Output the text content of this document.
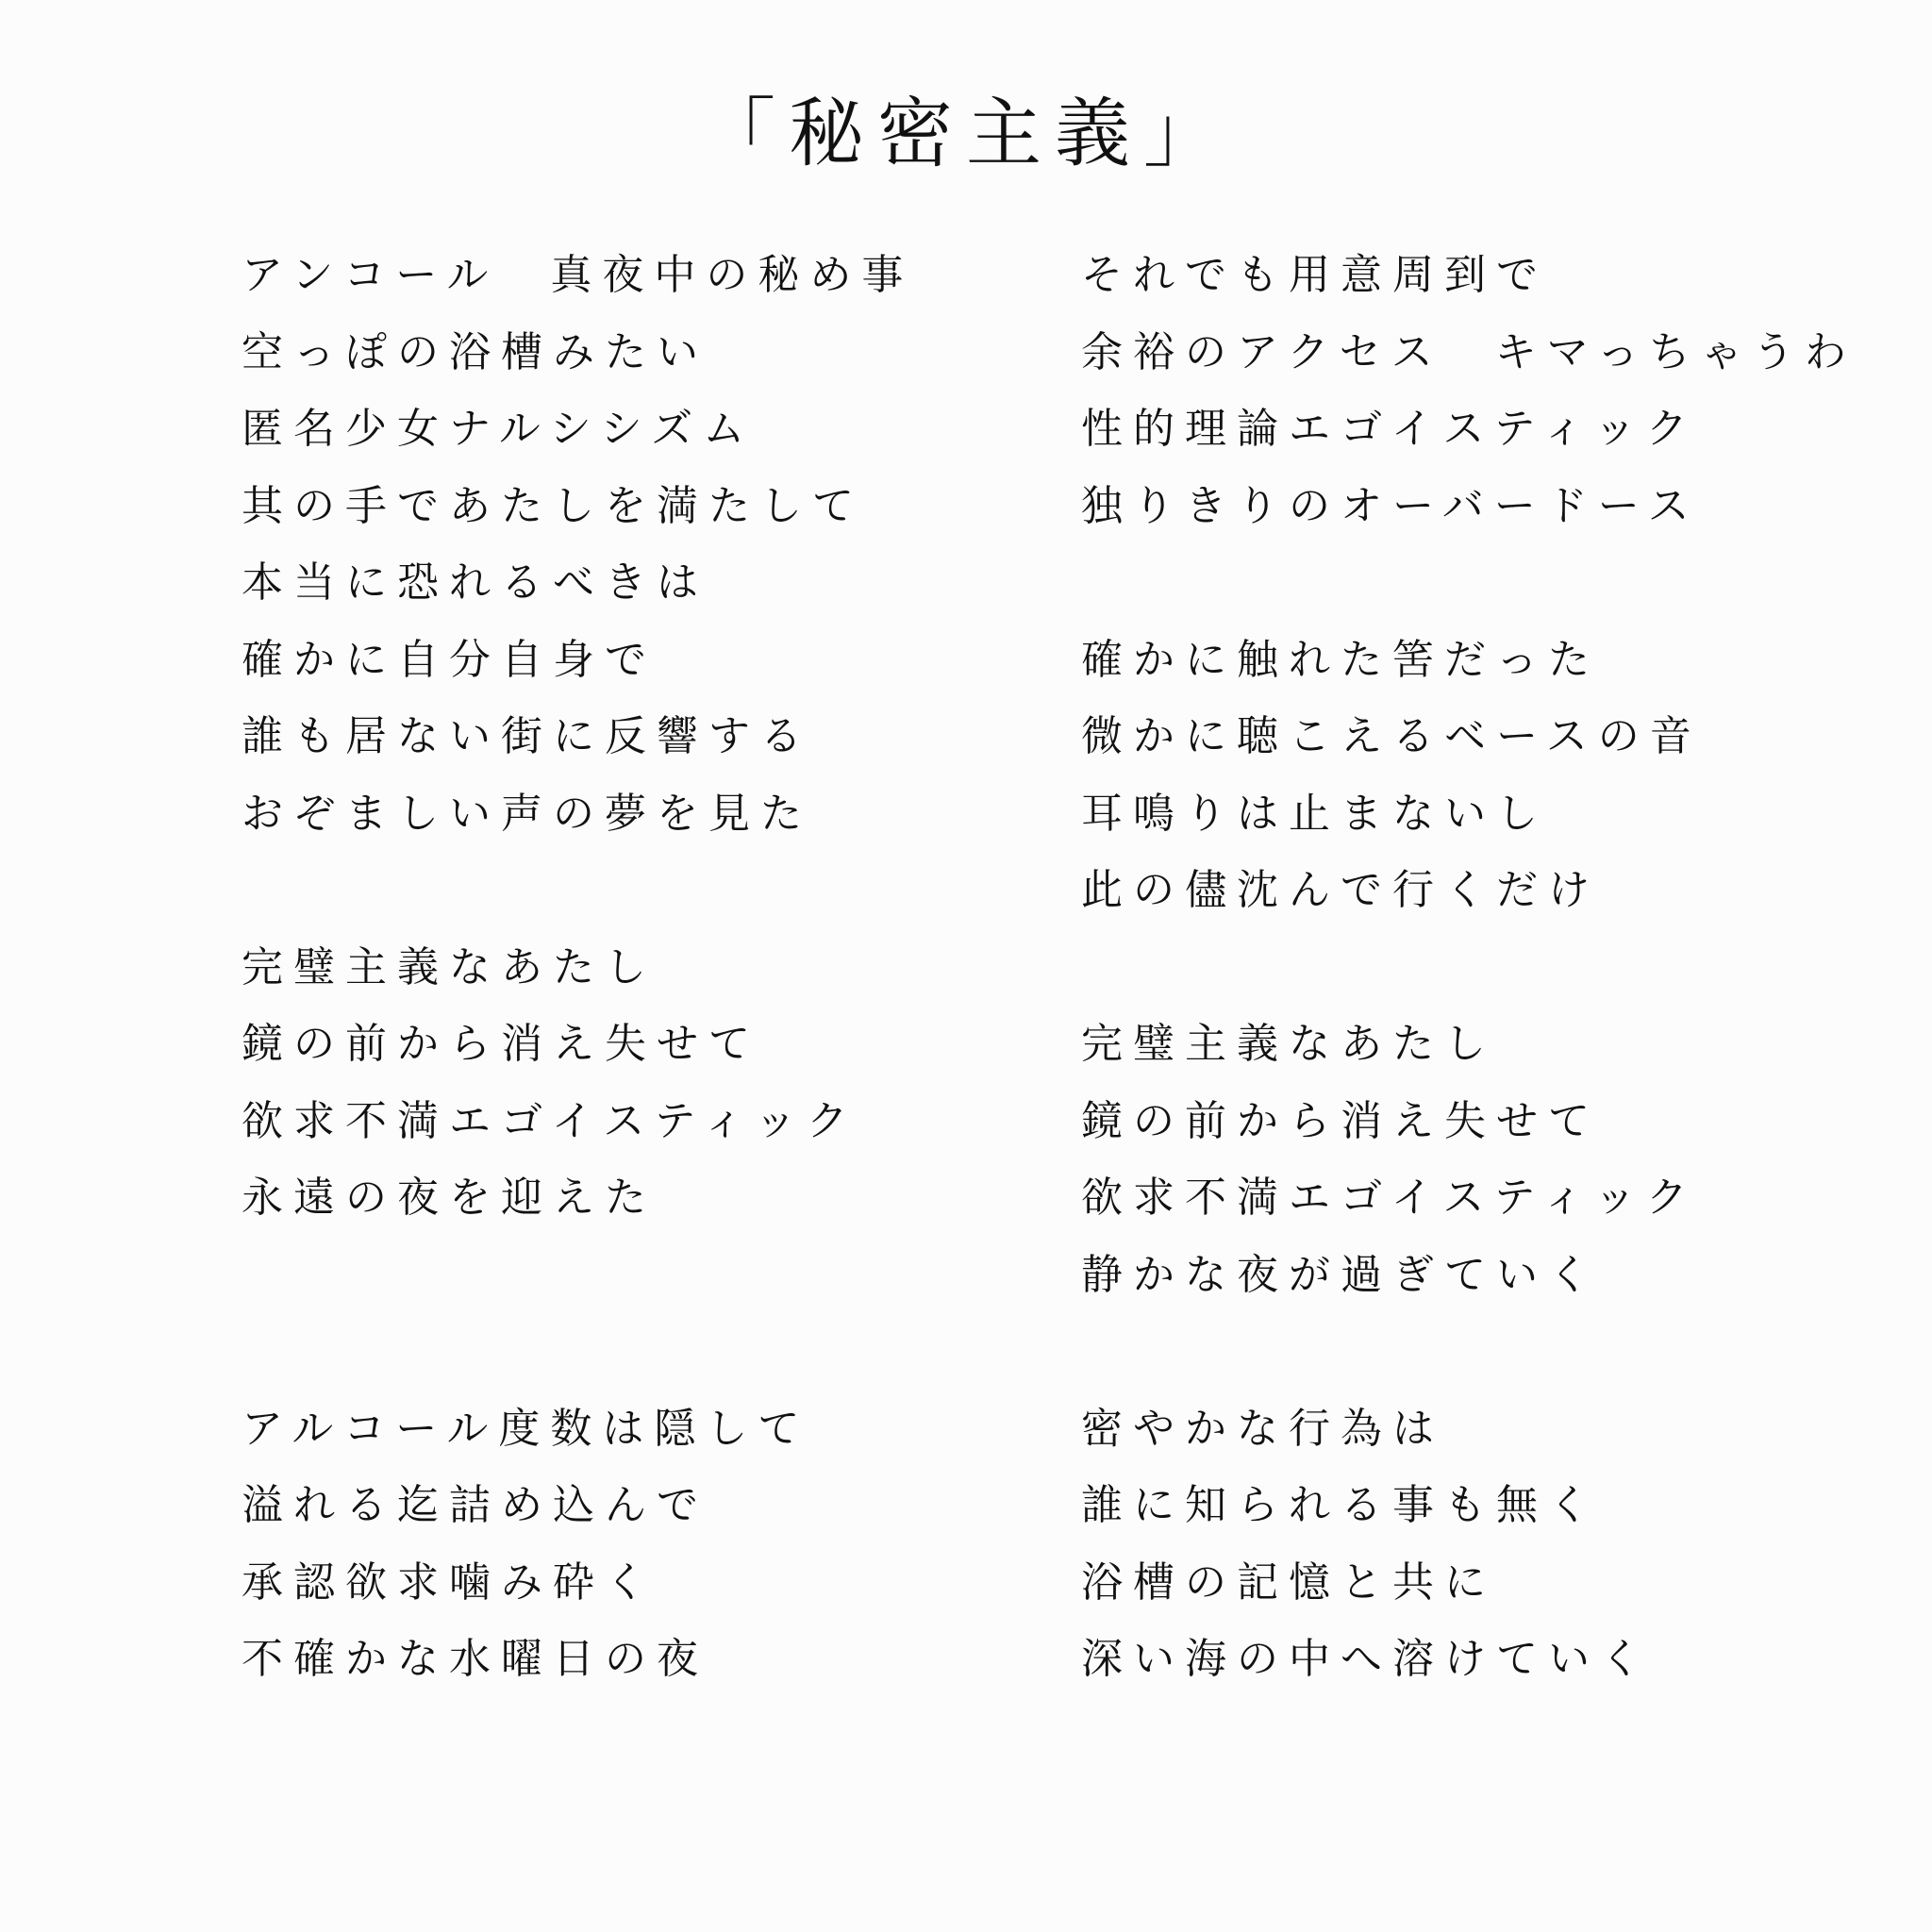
「秘密主義」
アンコール　真夜中の秘め事
空っぽの浴槽みたい
匿名少女ナルシシズム
其の手であたしを満たして
本当に恐れるべきは
確かに自分自身で
誰も居ない街に反響する
おぞましい声の夢を見た
完璧主義なあたし
鏡の前から消え失せて
欲求不満エゴイスティック
永遠の夜を迎えた
アルコール度数は隠して
溢れる迄詰め込んで
承認欲求噛み砕く
不確かな水曜日の夜
それでも用意周到で
余裕のアクセス　キマっちゃうわ
性的理論エゴイスティック
独りきりのオーバードース
確かに触れた筈だった
微かに聴こえるベースの音
耳鳴りは止まないし
此の儘沈んで行くだけ
完璧主義なあたし
鏡の前から消え失せて
欲求不満エゴイスティック
静かな夜が過ぎていく
密やかな行為は
誰に知られる事も無く
浴槽の記憶と共に
深い海の中へ溶けていく
